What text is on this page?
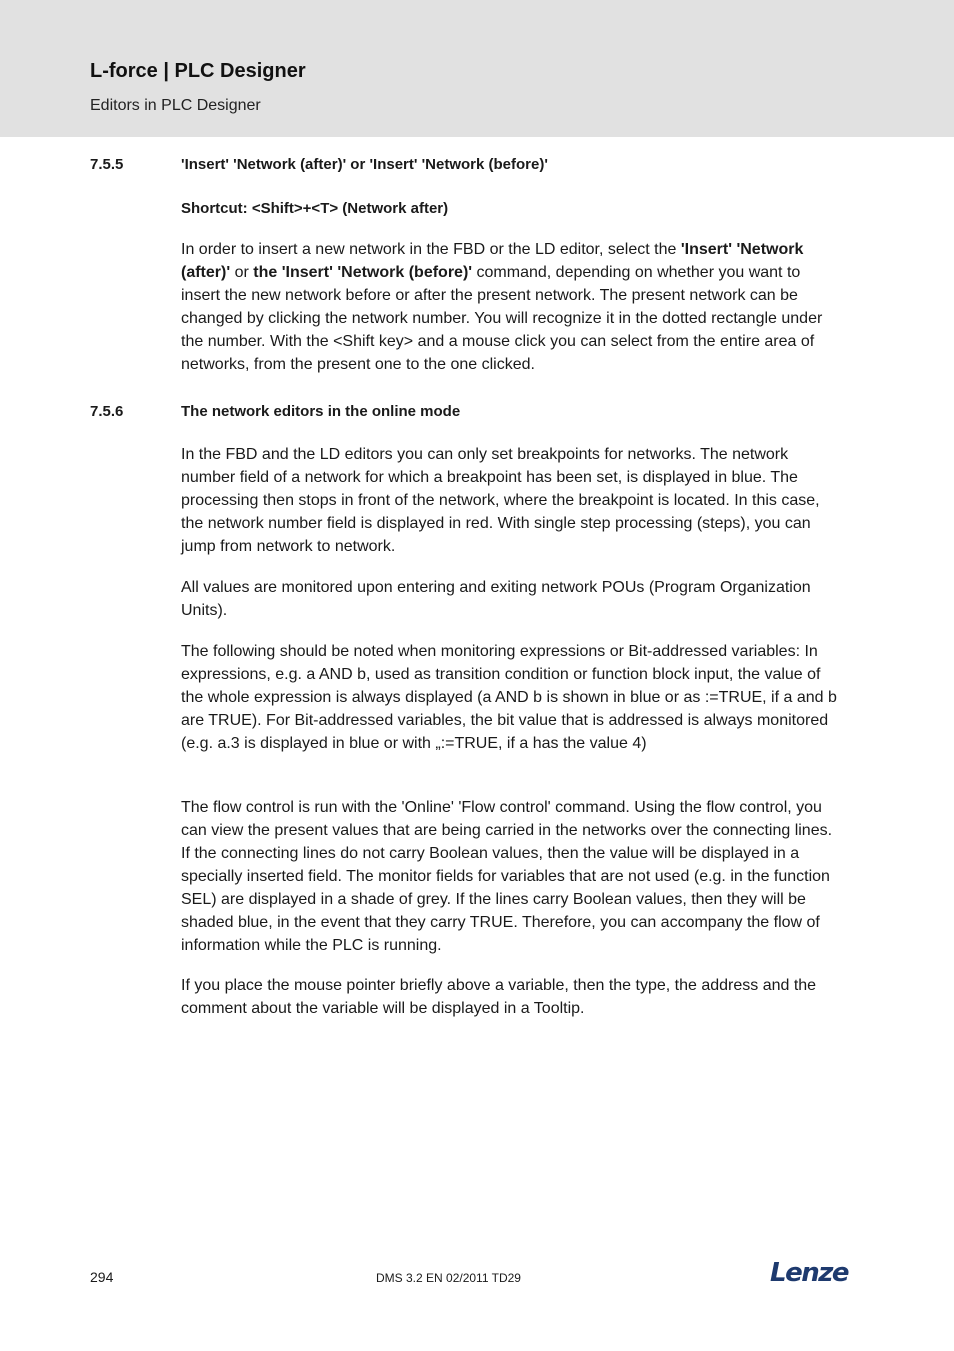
L-force | PLC Designer
Editors in PLC Designer
7.5.5	'Insert' 'Network (after)' or 'Insert' 'Network (before)'
Shortcut: <Shift>+<T> (Network after)

In order to insert a new network in the FBD or the LD editor, select the 'Insert' 'Network (after)' or the 'Insert' 'Network (before)' command, depending on whether you want to insert the new network before or after the present network. The present network can be changed by clicking the network number. You will recognize it in the dotted rectangle under the number. With the <Shift key> and a mouse click you can select from the entire area of networks, from the present one to the one clicked.

7.5.6	The network editors in the online mode

In the FBD and the LD editors you can only set breakpoints for networks. The network number field of a network for which a breakpoint has been set, is displayed in blue. The processing then stops in front of the network, where the breakpoint is located. In this case, the network number field is displayed in red. With single step processing (steps), you can jump from network to network.

All values are monitored upon entering and exiting network POUs (Program Organization Units).

The following should be noted when monitoring expressions or Bit-addressed variables: In expressions, e.g. a AND b, used as transition condition or function block input, the value of the whole expression is always displayed (a AND b is shown in blue or as :=TRUE, if a and b are TRUE). For Bit-addressed variables, the bit value that is addressed is always monitored (e.g. a.3 is displayed in blue or with „:=TRUE, if a has the value 4)

The flow control is run with the 'Online' 'Flow control' command. Using the flow control, you can view the present values that are being carried in the networks over the connecting lines. If the connecting lines do not carry Boolean values, then the value will be displayed in a specially inserted field. The monitor fields for variables that are not used (e.g. in the function SEL) are displayed in a shade of grey. If the lines carry Boolean values, then they will be shaded blue, in the event that they carry TRUE. Therefore, you can accompany the flow of information while the PLC is running.

If you place the mouse pointer briefly above a variable, then the type, the address and the comment about the variable will be displayed in a Tooltip.

294	DMS 3.2 EN 02/2011 TD29	Lenze
